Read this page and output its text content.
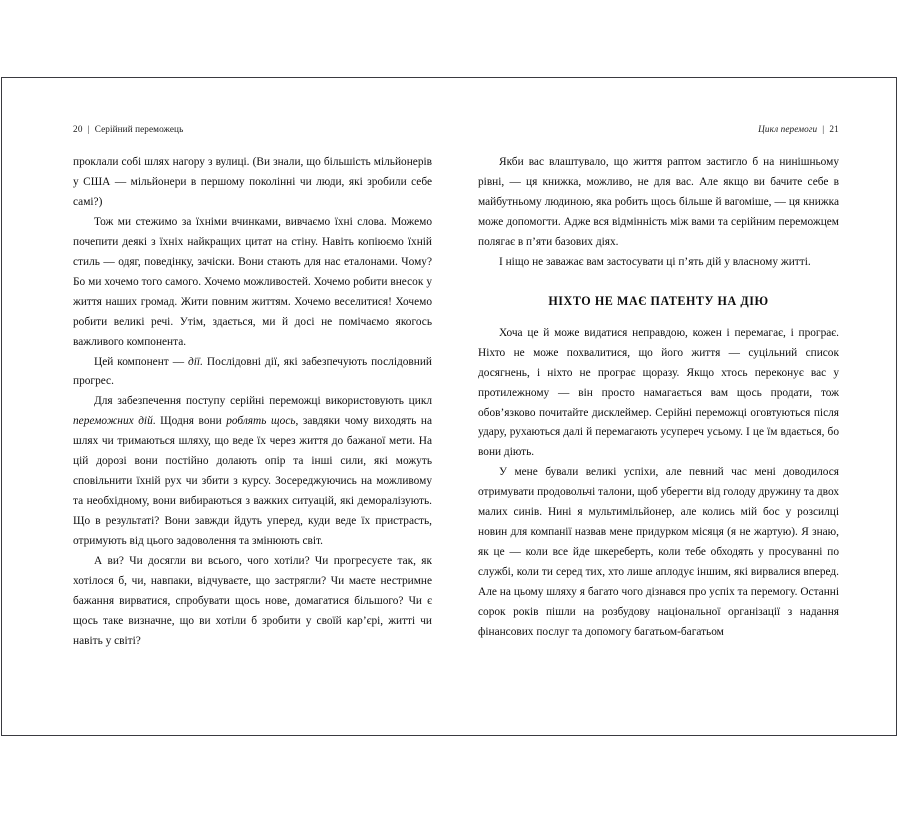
20 | Серійний переможець

проклали собі шлях нагору з вулиці. (Ви знали, що більшість мільйонерів у США — мільйонери в першому поколінні чи люди, які зробили себе самі?)

Тож ми стежимо за їхніми вчинками, вивчаємо їхні слова. Можемо почепити деякі з їхніх найкращих цитат на стіну. Навіть копіюємо їхній стиль — одяг, поведінку, зачіски. Вони стають для нас еталонами. Чому? Бо ми хочемо того самого. Хочемо можливостей. Хочемо робити внесок у життя наших громад. Жити повним життям. Хочемо веселитися! Хочемо робити великі речі. Утім, здається, ми й досі не помічаємо якогось важливого компонента.

Цей компонент — дії. Послідовні дії, які забезпечують послідовний прогрес.

Для забезпечення поступу серійні переможці використовують цикл переможних дій. Щодня вони роблять щось, завдяки чому виходять на шлях чи тримаються шляху, що веде їх через життя до бажаної мети. На цій дорозі вони постійно долають опір та інші сили, які можуть сповільнити їхній рух чи збити з курсу. Зосереджуючись на можливому та необхідному, вони вибираються з важких ситуацій, які деморалізують. Що в результаті? Вони завжди йдуть уперед, куди веде їх пристрасть, отримують від цього задоволення та змінюють світ.

А ви? Чи досягли ви всього, чого хотіли? Чи прогресуєте так, як хотілося б, чи, навпаки, відчуваєте, що застрягли? Чи маєте нестримне бажання вирватися, спробувати щось нове, домагатися більшого? Чи є щось таке визначне, що ви хотіли б зробити у своїй кар’єрі, житті чи навіть у світі?

Цикл перемоги | 21

Якби вас влаштувало, що життя раптом застигло б на нинішньому рівні, — ця книжка, можливо, не для вас. Але якщо ви бачите себе в майбутньому людиною, яка робить щось більше й вагоміше, — ця книжка може допомогти. Адже вся відмінність між вами та серійним переможцем полягає в п’яти базових діях.

І ніщо не заважає вам застосувати ці п’ять дій у власному житті.

НІХТО НЕ МАЄ ПАТЕНТУ НА ДІЮ

Хоча це й може видатися неправдою, кожен і перемагає, і програє. Ніхто не може похвалитися, що його життя — суцільний список досягнень, і ніхто не програє щоразу. Якщо хтось переконує вас у протилежному — він просто намагається вам щось продати, тож обов’язково почитайте дисклеймер. Серійні переможці оговтуються після удару, рухаються далі й перемагають усупереч усьому. І це їм вдається, бо вони діють.

У мене бували великі успіхи, але певний час мені доводилося отримувати продовольчі талони, щоб уберегти від голоду дружину та двох малих синів. Нині я мультимільйонер, але колись мій бос у розсилці новин для компанії назвав мене придурком місяця (я не жартую). Я знаю, як це — коли все йде шкереберть, коли тебе обходять у просуванні по службі, коли ти серед тих, хто лише аплодує іншим, які вирвалися вперед. Але на цьому шляху я багато чого дізнався про успіх та перемогу. Останні сорок років пішли на розбудову національної організації з надання фінансових послуг та допомогу багатьом-багатьом
